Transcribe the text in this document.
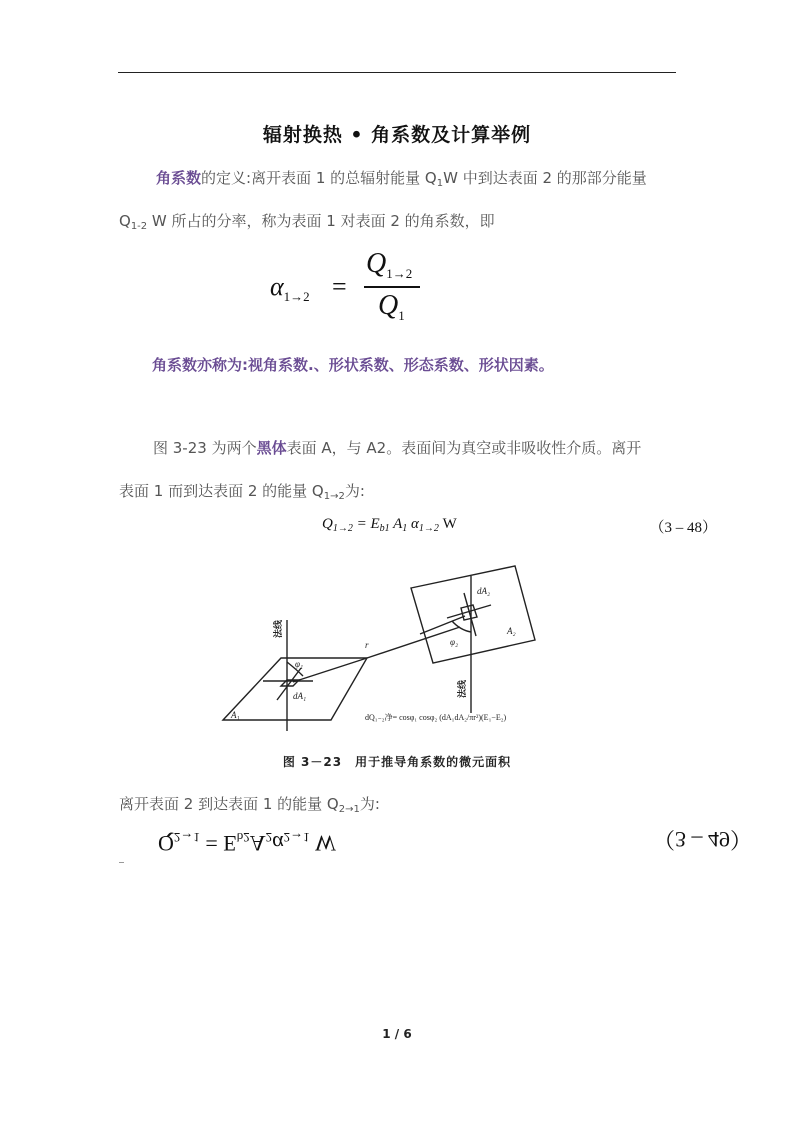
辐射换热 • 角系数及计算举例
角系数的定义:离开表面 1 的总辐射能量 $Q_1W$ 中到达表面 2 的那部分能量
$Q_{1-2}$ W 所占的分率，称为表面 1 对表面 2 的角系数，即
$\alpha_{1\to 2}$ =
$Q_{1\to 2}$
$Q_1$
角系数亦称为:视角系数.、形状系数、形态系数、形状因素。
图 3-23 为两个黑体表面 A，与 A2。表面间为真空或非吸收性介质。离开
表面 1 而到达表面 2 的能量 $Q_{1\to 2}$为:
$Q_{1\to 2} = E_{b1}$ $A_1$ $\alpha_{1\to 2}$ W	（3 – 48）
A₁
dA₁
φ₁
r
dA₂
A₂
φ₂
法线
法线
dQ₁₋₂净= cosφ₁ cosφ₂ (dA₁dA₂/πr²)(E₁−E₂)
图 3－23　用于推导角系数的微元面积
离开表面 2 到达表面 1 的能量 $Q_{2\to 1}$为:
$Q_{2\to 1} = E_{b2}A_2\alpha_{2\to 1}$ W	（3 – 49）
1 / 6
